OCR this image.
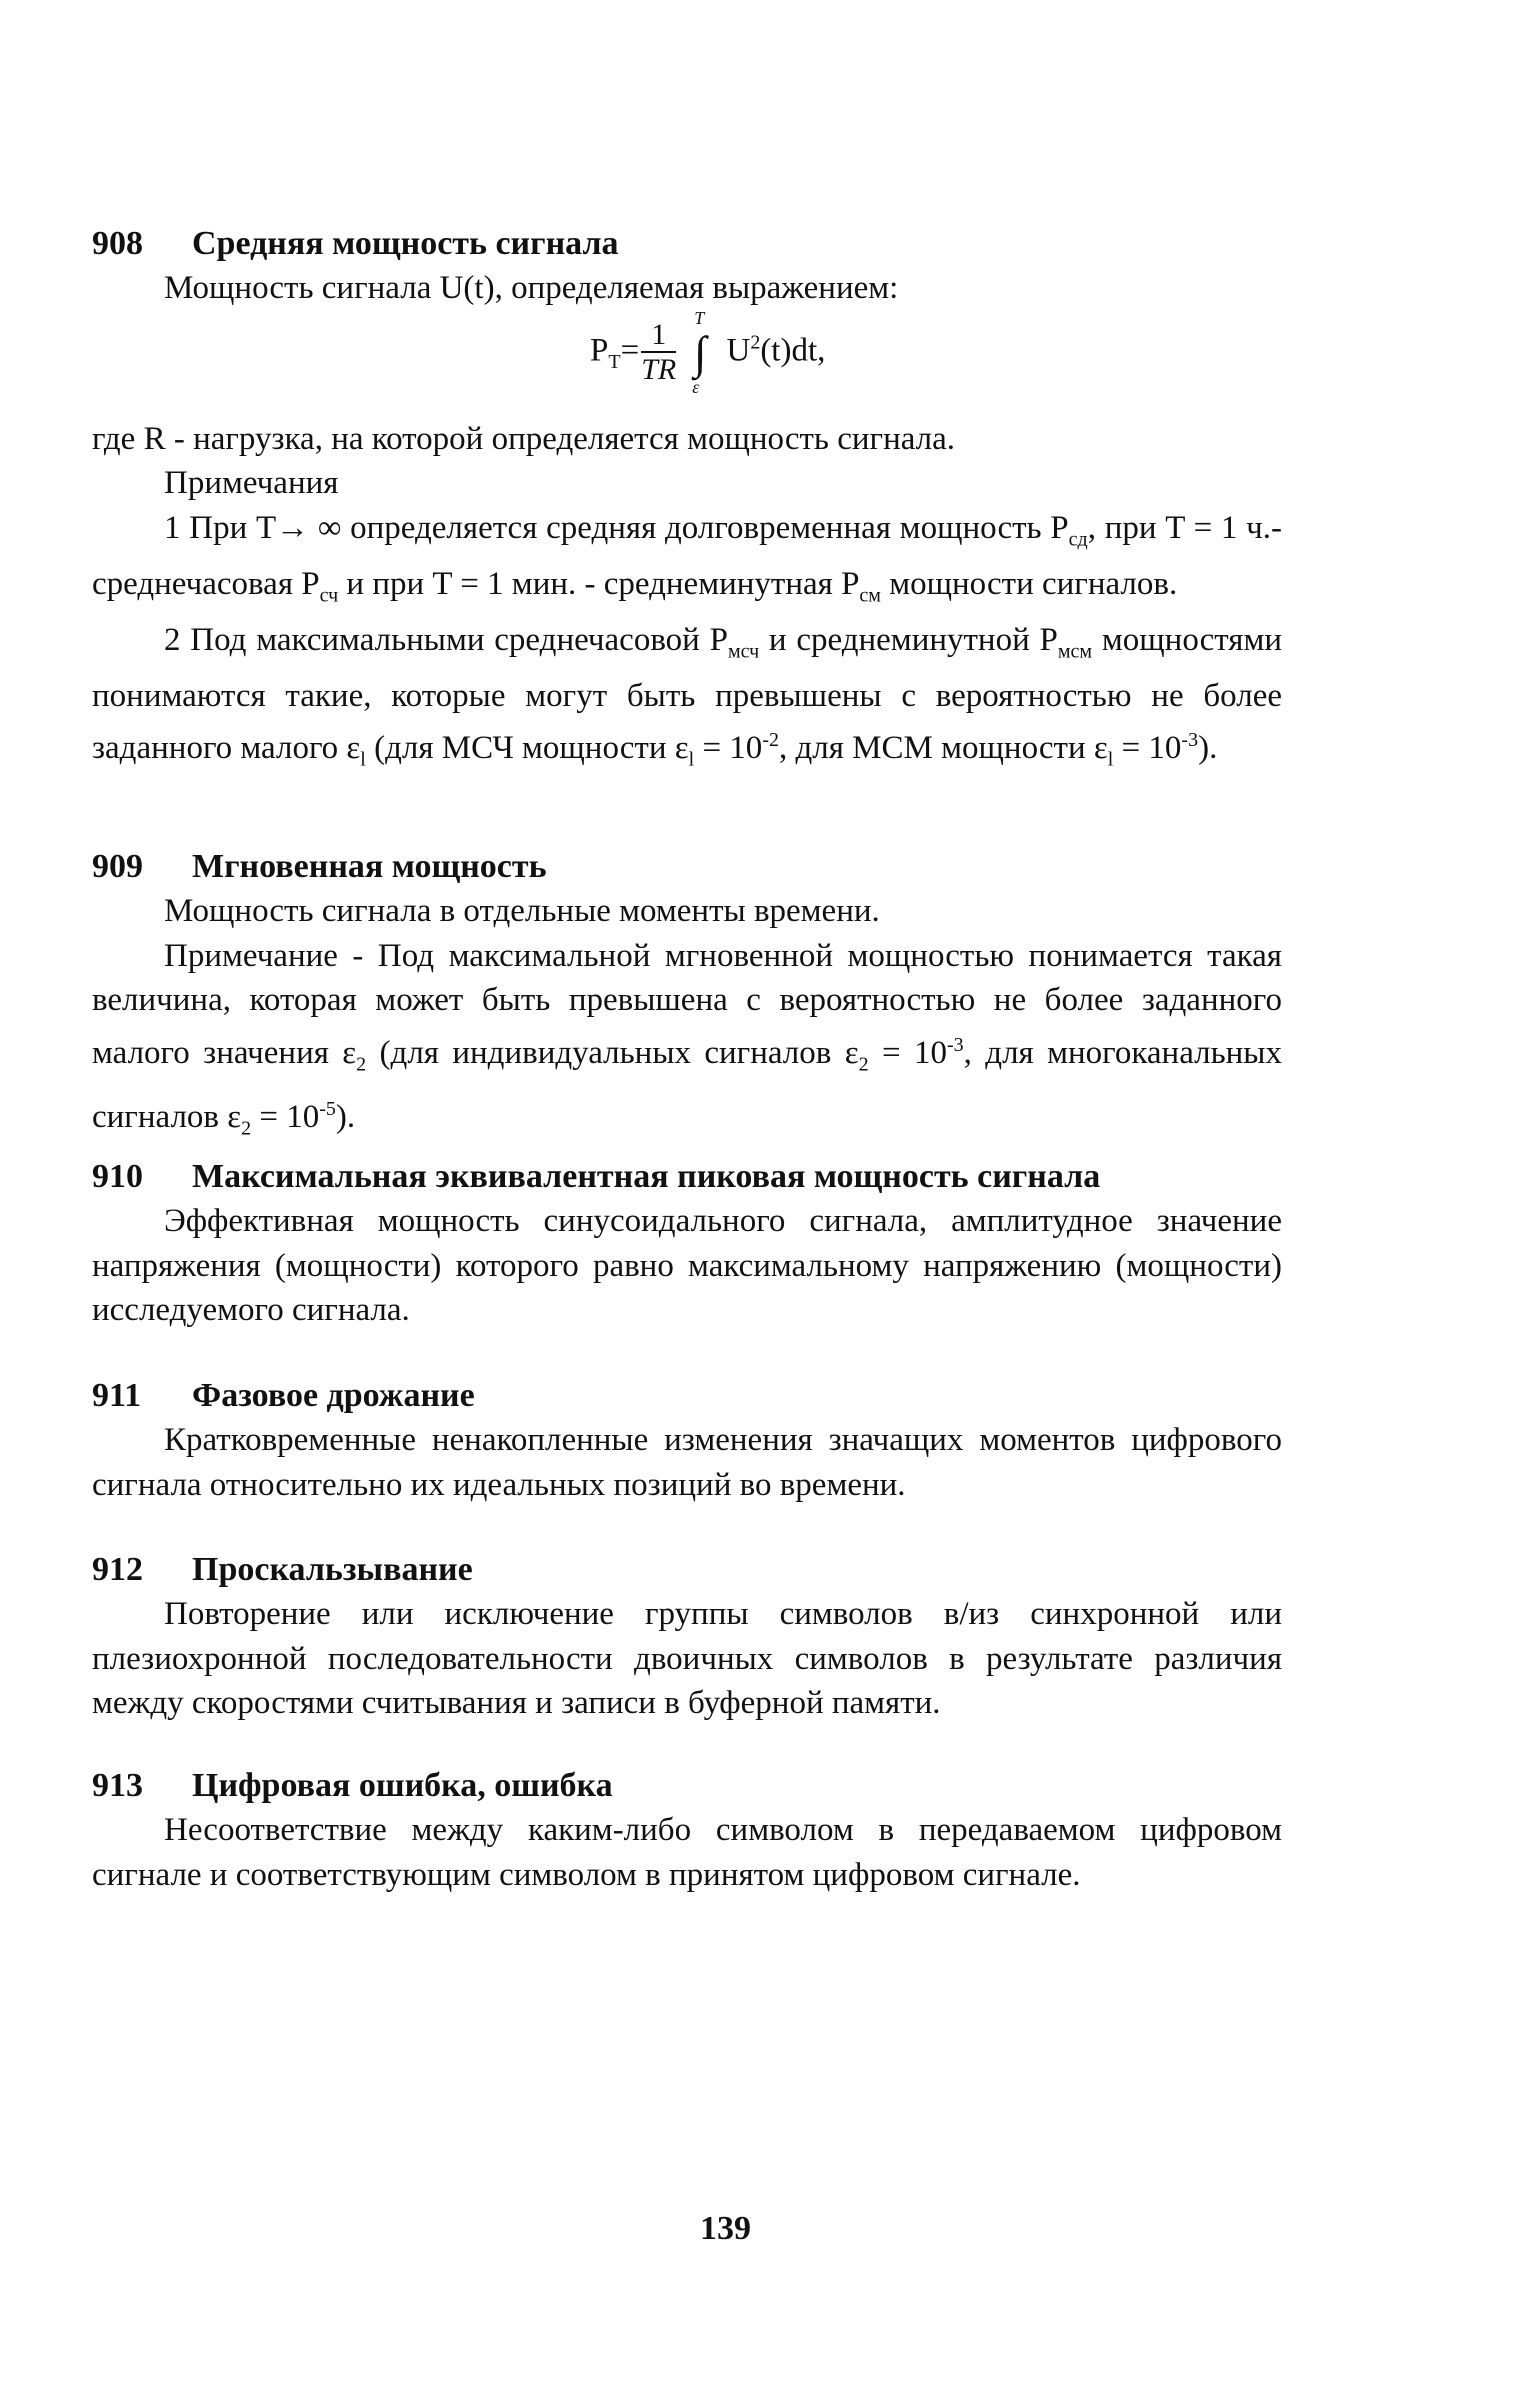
908 Средняя мощность сигнала

Мощность сигнала U(t), определяемая выражением:

$P_T= \frac{1}{TR}$
T
∫
ε
$U^2(t)dt$,

где R - нагрузка, на которой определяется мощность сигнала.

Примечания

1 При T→ ∞ определяется средняя долговременная мощность $P_{сд}$, при T = 1 ч.- среднечасовая $P_{сч}$ и при T = 1 мин. - среднеминутная $P_{см}$ мощности сигналов.

2 Под максимальными среднечасовой $P_{мсч}$ и среднеминутной $P_{мсм}$ мощностями понимаются такие, которые могут быть превышены с вероятностью не более заданного малого $\varepsilon_l$ (для МСЧ мощности $\varepsilon_l = 10^{-2}$, для МСМ мощности $\varepsilon_l = 10^{-3}$).

909 Мгновенная мощность

Мощность сигнала в отдельные моменты времени.

Примечание - Под максимальной мгновенной мощностью понимается такая величина, которая может быть превышена с вероятностью не более заданного малого значения $\varepsilon_2$ (для индивидуальных сигналов $\varepsilon_2 = 10^{-3}$, для многоканальных сигналов $\varepsilon_2 = 10^{-5}$).

910 Максимальная эквивалентная пиковая мощность сигнала

Эффективная мощность синусоидального сигнала, амплитудное значение напряжения (мощности) которого равно максимальному напряжению (мощности) исследуемого сигнала.

911 Фазовое дрожание

Кратковременные ненакопленные изменения значащих моментов цифрового сигнала относительно их идеальных позиций во времени.

912 Проскальзывание

Повторение или исключение группы символов в/из синхронной или плезиохронной последовательности двоичных символов в результате различия между скоростями считывания и записи в буферной памяти.

913 Цифровая ошибка, ошибка

Несоответствие между каким-либо символом в передаваемом цифровом сигнале и соответствующим символом в принятом цифровом сигнале.

139
